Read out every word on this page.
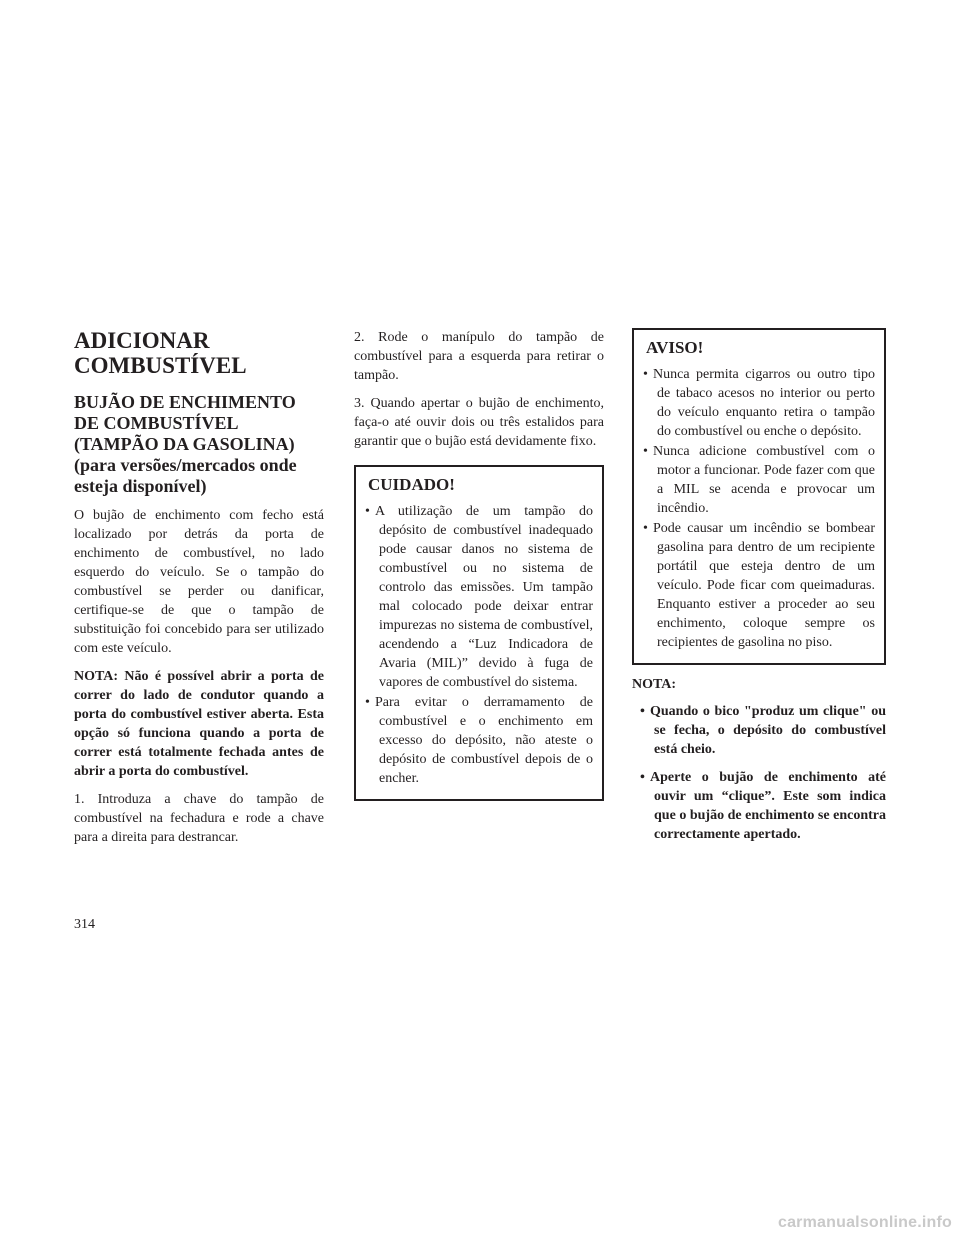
ADICIONAR COMBUSTÍVEL
BUJÃO DE ENCHIMENTO DE COMBUSTÍVEL (TAMPÃO DA GASOLINA) (para versões/mercados onde esteja disponível)

O bujão de enchimento com fecho está localizado por detrás da porta de enchimento de combustível, no lado esquerdo do veículo. Se o tampão do combustível se perder ou danificar, certifique-se de que o tampão de substituição foi concebido para ser utilizado com este veículo.

NOTA: Não é possível abrir a porta de correr do lado de condutor quando a porta do combustível estiver aberta. Esta opção só funciona quando a porta de correr está totalmente fechada antes de abrir a porta do combustível.

1. Introduza a chave do tampão de combustível na fechadura e rode a chave para a direita para destrancar.

2. Rode o manípulo do tampão de combustível para a esquerda para retirar o tampão.

3. Quando apertar o bujão de enchimento, faça-o até ouvir dois ou três estalidos para garantir que o bujão está devidamente fixo.

CUIDADO!
• A utilização de um tampão do depósito de combustível inadequado pode causar danos no sistema de combustível ou no sistema de controlo das emissões. Um tampão mal colocado pode deixar entrar impurezas no sistema de combustível, acendendo a “Luz Indicadora de Avaria (MIL)” devido à fuga de vapores de combustível do sistema.
• Para evitar o derramamento de combustível e o enchimento em excesso do depósito, não ateste o depósito de combustível depois de o encher.
AVISO!
• Nunca permita cigarros ou outro tipo de tabaco acesos no interior ou perto do veículo enquanto retira o tampão do combustível ou enche o depósito.
• Nunca adicione combustível com o motor a funcionar. Pode fazer com que a MIL se acenda e provocar um incêndio.
• Pode causar um incêndio se bombear gasolina para dentro de um recipiente portátil que esteja dentro de um veículo. Pode ficar com queimaduras. Enquanto estiver a proceder ao seu enchimento, coloque sempre os recipientes de gasolina no piso.
NOTA:
• Quando o bico "produz um clique" ou se fecha, o depósito do combustível está cheio.
• Aperte o bujão de enchimento até ouvir um “clique”. Este som indica que o bujão de enchimento se encontra correctamente apertado.
314
carmanualsonline.info
